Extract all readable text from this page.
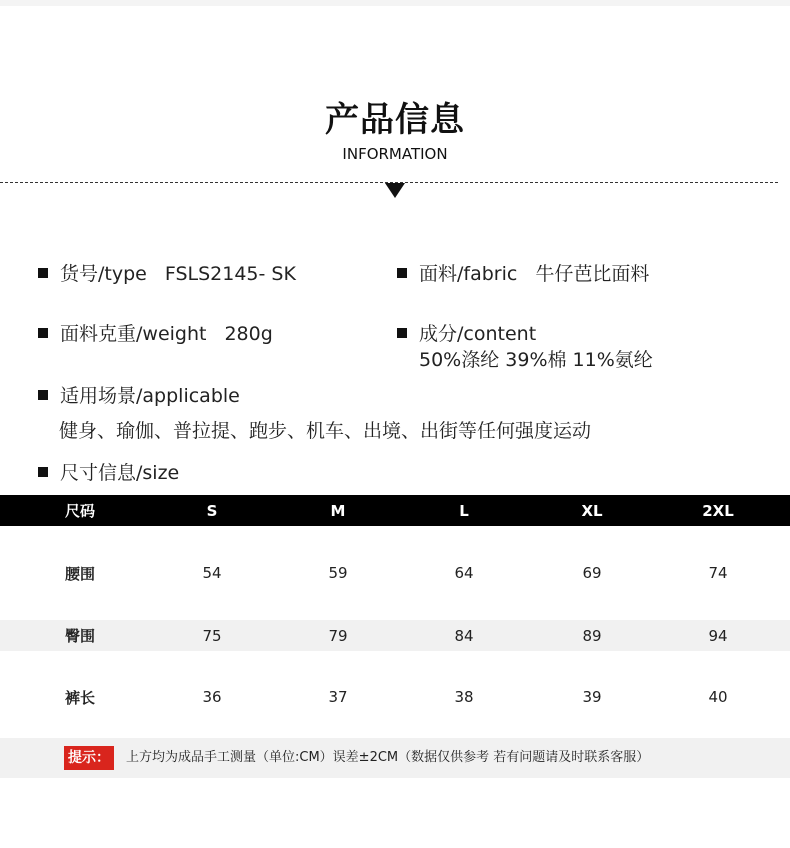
产品信息
INFORMATION
货号/type FSLS2145- SK	面料/fabric 牛仔芭比面料
面料克重/weight 280g	成分/content
50%涤纶 39%棉 11%氨纶
适用场景/applicable
健身、瑜伽、普拉提、跑步、机车、出境、出街等任何强度运动
尺寸信息/size
尺码	S	M	L	XL	2XL
腰围	54	59	64	69	74
臀围	75	79	84	89	94
裤长	36	37	38	39	40
提示：	上方均为成品手工测量（单位:CM）误差±2CM（数据仅供参考 若有问题请及时联系客服）
